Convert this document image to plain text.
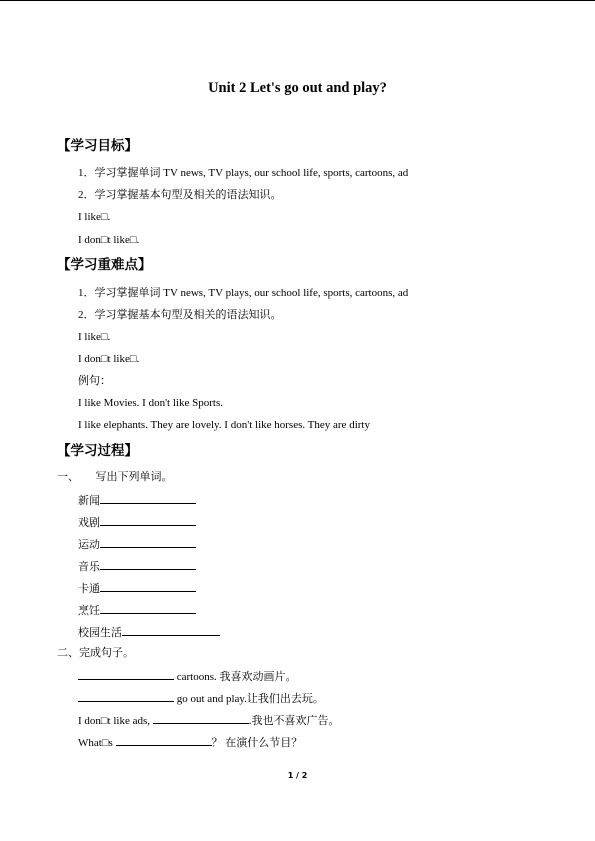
Unit 2 Let's go out and play?
【学习目标】
1．学习掌握单词 TV news, TV plays, our school life, sports, cartoons, ad
2．学习掌握基本句型及相关的语法知识。
I like□.
I don□t like□.
【学习重难点】
1．学习掌握单词 TV news, TV plays, our school life, sports, cartoons, ad
2．学习掌握基本句型及相关的语法知识。
I like□.
I don□t like□.
例句：
I like Movies. I don't like Sports.
I like elephants. They are lovely. I don't like horses. They are dirty
【学习过程】
一、　　写出下列单词。
新闻
戏剧
运动
音乐
卡通
烹饪
校园生活
二、完成句子。
cartoons. 我喜欢动画片。
go out and play.让我们出去玩。
I don□t like ads,	.我也不喜欢广告。
What□s	？ 在演什么节目？
1 / 2
